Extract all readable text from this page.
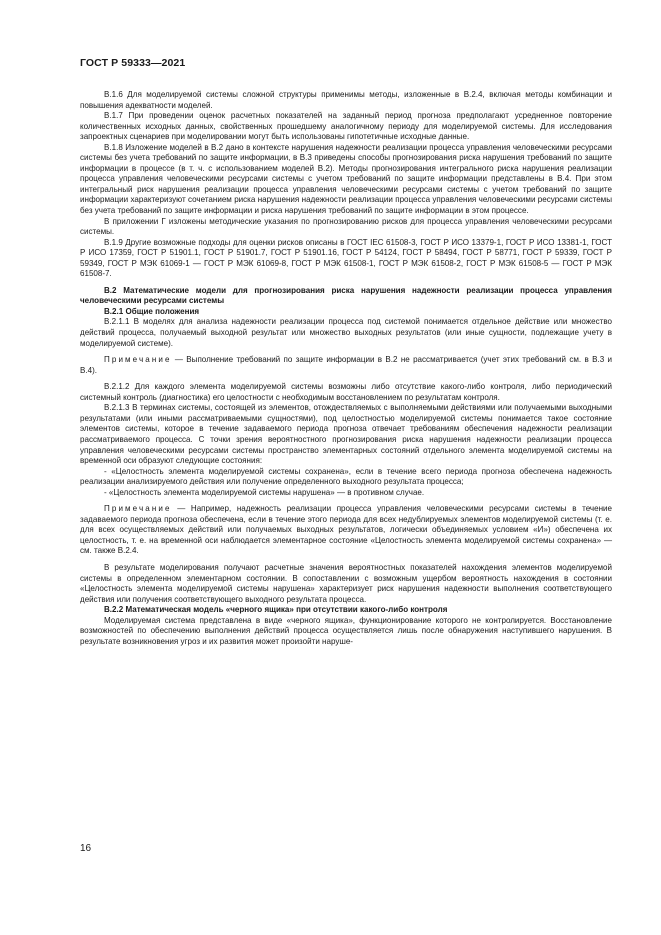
ГОСТ Р 59333—2021

В.1.6 Для моделируемой системы сложной структуры применимы методы, изложенные в В.2.4, включая методы комбинации и повышения адекватности моделей.

В.1.7 При проведении оценок расчетных показателей на заданный период прогноза предполагают усредненное повторение количественных исходных данных, свойственных прошедшему аналогичному периоду для моделируемой системы. Для исследования запроектных сценариев при моделировании могут быть использованы гипотетичные исходные данные.

В.1.8 Изложение моделей в В.2 дано в контексте нарушения надежности реализации процесса управления человеческими ресурсами системы без учета требований по защите информации, в В.3 приведены способы прогнозирования риска нарушения требований по защите информации в процессе (в т. ч. с использованием моделей В.2). Методы прогнозирования интегрального риска нарушения реализации процесса управления человеческими ресурсами системы с учетом требований по защите информации представлены в В.4. При этом интегральный риск нарушения реализации процесса управления человеческими ресурсами системы с учетом требований по защите информации характеризуют сочетанием риска нарушения надежности реализации процесса управления человеческими ресурсами системы без учета требований по защите информации и риска нарушения требований по защите информации в этом процессе.

В приложении Г изложены методические указания по прогнозированию рисков для процесса управления человеческими ресурсами системы.

В.1.9 Другие возможные подходы для оценки рисков описаны в ГОСТ IEC 61508-3, ГОСТ Р ИСО 13379-1, ГОСТ Р ИСО 13381-1, ГОСТ Р ИСО 17359, ГОСТ Р 51901.1, ГОСТ Р 51901.7, ГОСТ Р 51901.16, ГОСТ Р 54124, ГОСТ Р 58494, ГОСТ Р 58771, ГОСТ Р 59339, ГОСТ Р 59349, ГОСТ Р МЭК 61069-1 — ГОСТ Р МЭК 61069-8, ГОСТ Р МЭК 61508-1, ГОСТ Р МЭК 61508-2, ГОСТ Р МЭК 61508-5 — ГОСТ Р МЭК 61508-7.

В.2 Математические модели для прогнозирования риска нарушения надежности реализации процесса управления человеческими ресурсами системы

В.2.1 Общие положения

В.2.1.1 В моделях для анализа надежности реализации процесса под системой понимается отдельное действие или множество действий процесса, получаемый выходной результат или множество выходных результатов (или иные сущности, подлежащие учету в моделируемой системе).

Примечание — Выполнение требований по защите информации в В.2 не рассматривается (учет этих требований см. в В.3 и В.4).

В.2.1.2 Для каждого элемента моделируемой системы возможны либо отсутствие какого-либо контроля, либо периодический системный контроль (диагностика) его целостности с необходимым восстановлением по результатам контроля.

В.2.1.3 В терминах системы, состоящей из элементов, отождествляемых с выполняемыми действиями или получаемыми выходными результатами (или иными рассматриваемыми сущностями), под целостностью моделируемой системы понимается такое состояние элементов системы, которое в течение задаваемого периода прогноза отвечает требованиям обеспечения надежности реализации рассматриваемого процесса. С точки зрения вероятностного прогнозирования риска нарушения надежности реализации процесса управления человеческими ресурсами системы пространство элементарных состояний отдельного элемента моделируемой системы на временной оси образуют следующие состояния:

- «Целостность элемента моделируемой системы сохранена», если в течение всего периода прогноза обеспечена надежность реализации анализируемого действия или получение определенного выходного результата процесса;

- «Целостность элемента моделируемой системы нарушена» — в противном случае.

Примечание — Например, надежность реализации процесса управления человеческими ресурсами системы в течение задаваемого периода прогноза обеспечена, если в течение этого периода для всех недублируемых элементов моделируемой системы (т. е. для всех осуществляемых действий или получаемых выходных результатов, логически объединяемых условием «И») обеспечена их целостность, т. е. на временной оси наблюдается элементарное состояние «Целостность элемента моделируемой системы сохранена» — см. также В.2.4.

В результате моделирования получают расчетные значения вероятностных показателей нахождения элементов моделируемой системы в определенном элементарном состоянии. В сопоставлении с возможным ущербом вероятность нахождения в состоянии «Целостность элемента моделируемой системы нарушена» характеризует риск нарушения надежности выполнения соответствующего действия или получения соответствующего выходного результата процесса.

В.2.2 Математическая модель «черного ящика» при отсутствии какого-либо контроля

Моделируемая система представлена в виде «черного ящика», функционирование которого не контролируется. Восстановление возможностей по обеспечению выполнения действий процесса осуществляется лишь после обнаружения наступившего нарушения. В результате возникновения угроз и их развития может произойти наруше-

16
